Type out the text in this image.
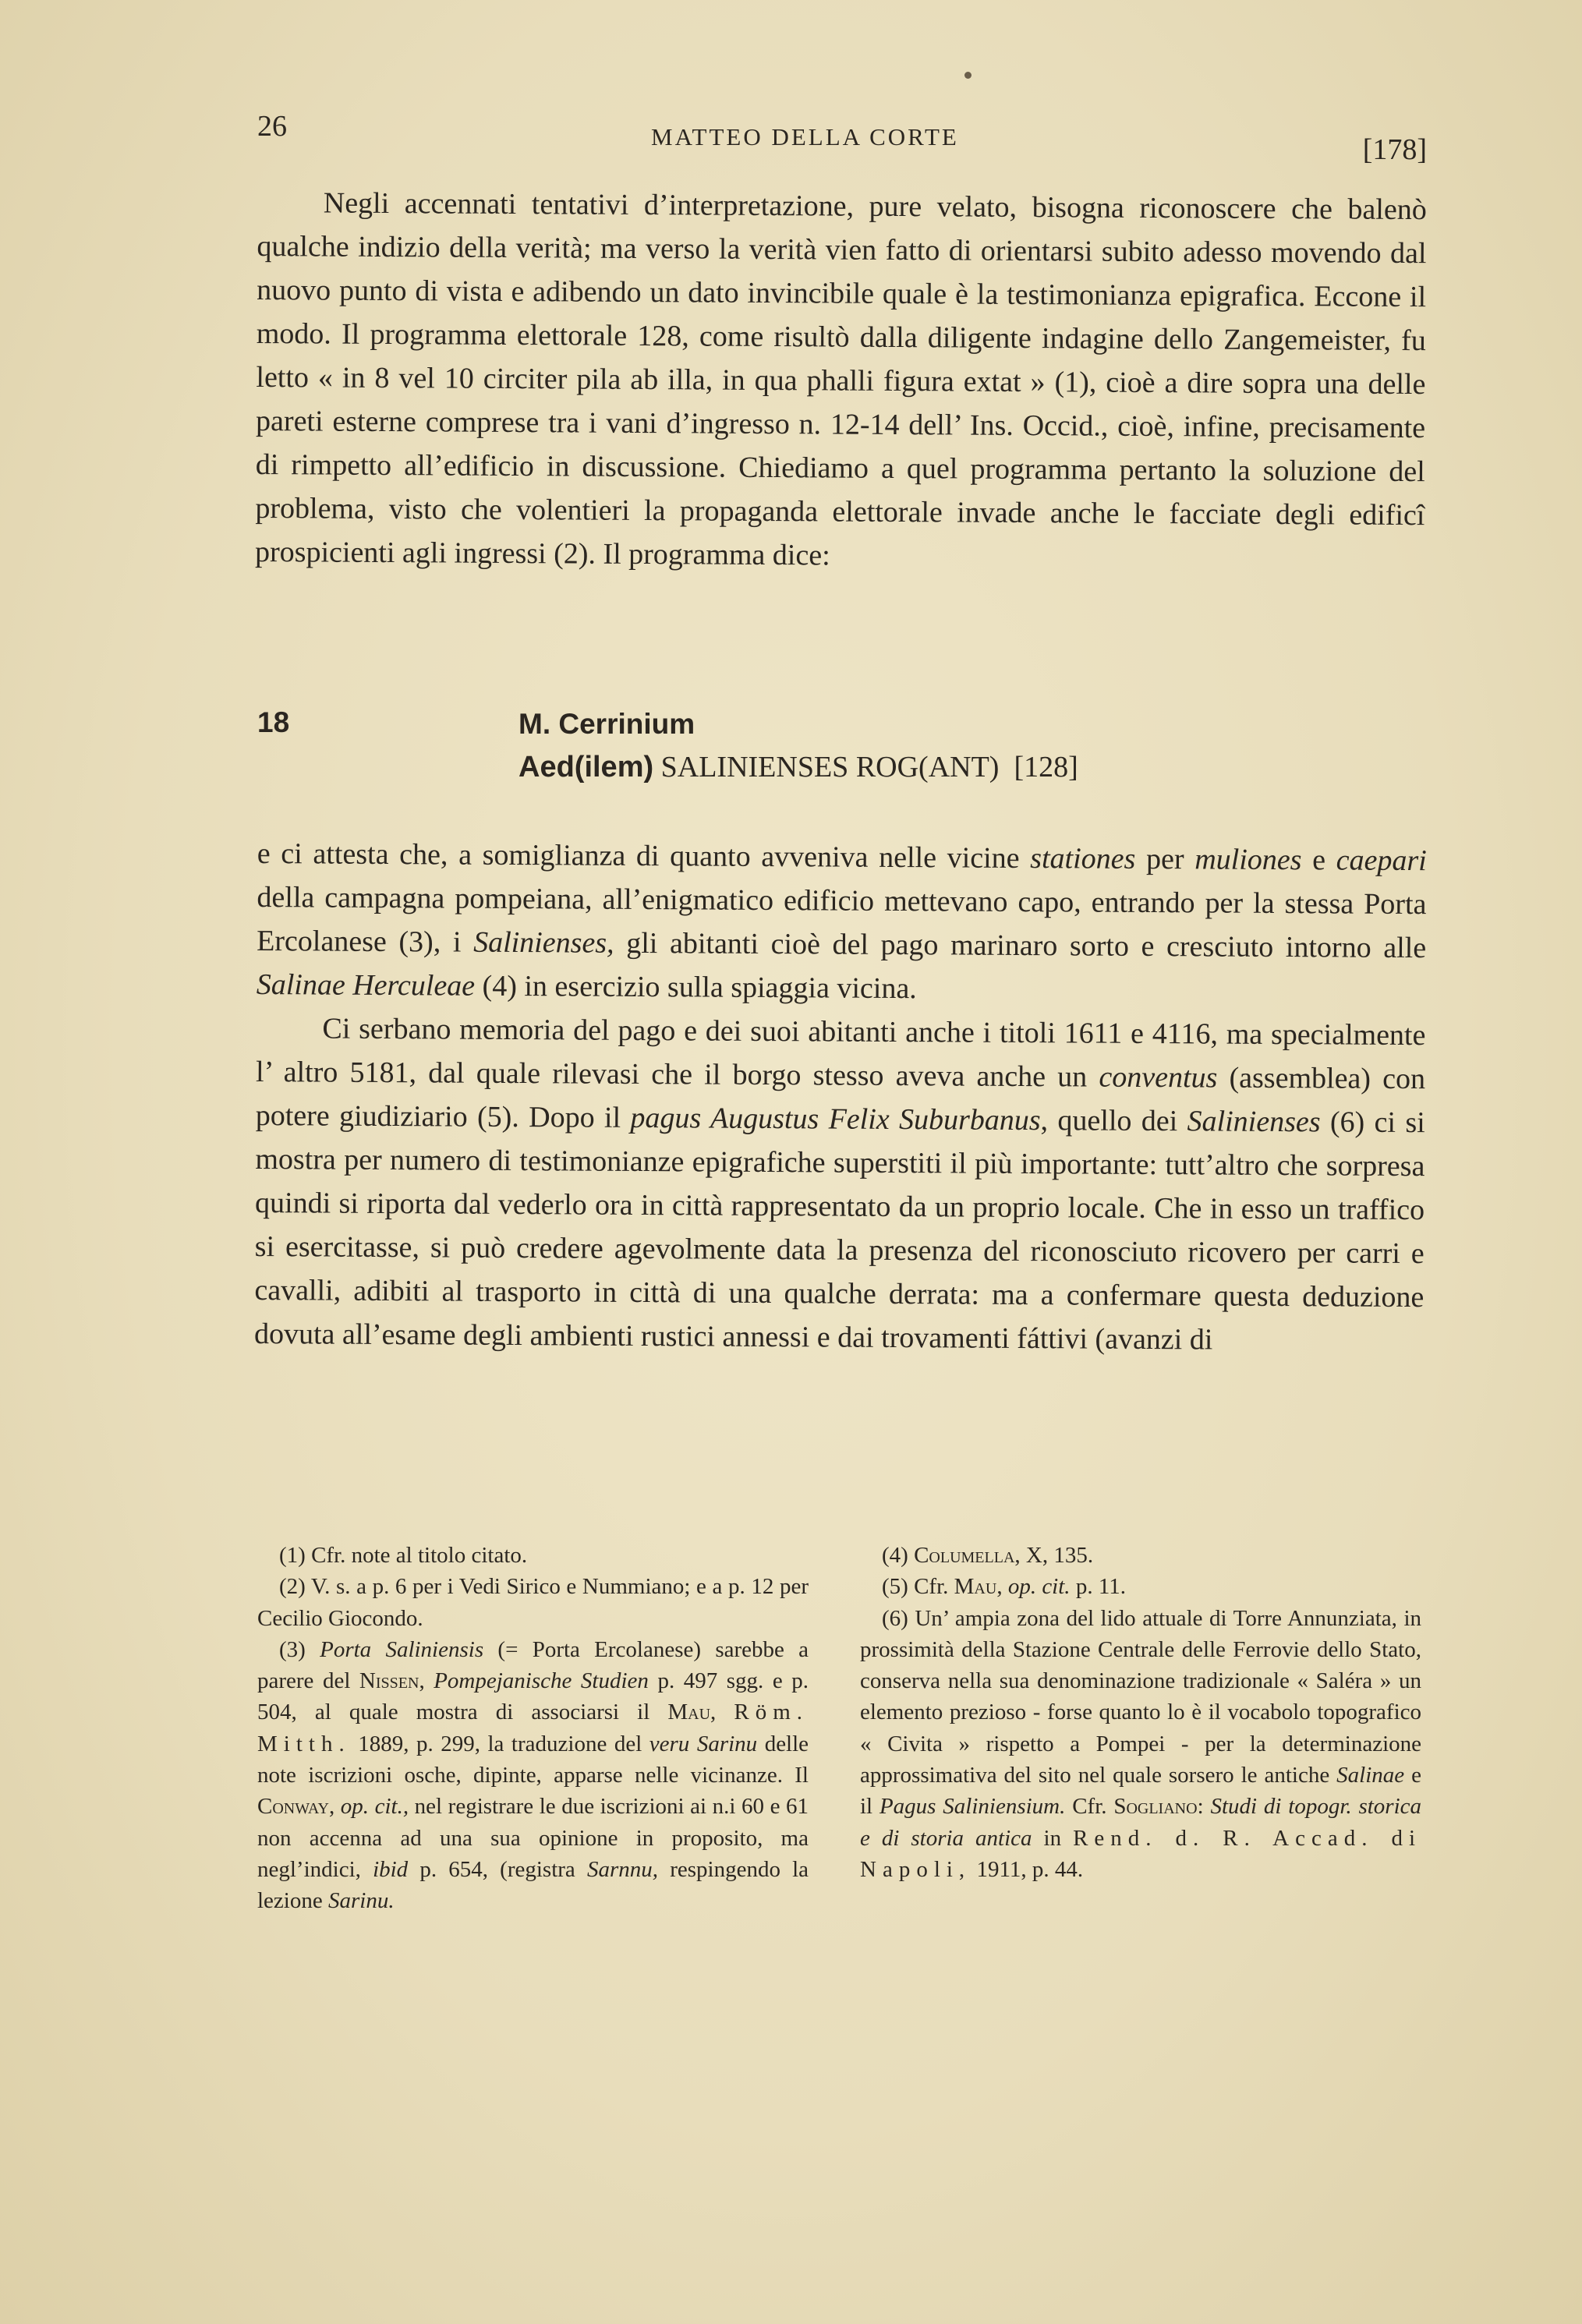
26	MATTEO DELLA CORTE	[178]

Negli accennati tentativi d’interpretazione, pure velato, bisogna riconoscere che balenò qualche indizio della verità; ma verso la verità vien fatto di orientarsi subito adesso movendo dal nuovo punto di vista e adibendo un dato invincibile quale è la testimonianza epigrafica. Eccone il modo. Il programma elettorale 128, come risultò dalla diligente indagine dello Zangemeister, fu letto « in 8 vel 10 circiter pila ab illa, in qua phalli figura extat » (1), cioè a dire sopra una delle pareti esterne comprese tra i vani d’ingresso n. 12-14 dell’ Ins. Occid., cioè, infine, precisamente di rimpetto all’edificio in discussione. Chiediamo a quel programma pertanto la soluzione del problema, visto che volentieri la propaganda elettorale invade anche le facciate degli edificî prospicienti agli ingressi (2). Il programma dice:

18	M. Cerrinium
Aed(ilem) SALINIENSES ROG(ANT) [128]

e ci attesta che, a somiglianza di quanto avveniva nelle vicine stationes per muliones e caepari della campagna pompeiana, all’enigmatico edificio mettevano capo, entrando per la stessa Porta Ercolanese (3), i Salinienses, gli abitanti cioè del pago marinaro sorto e cresciuto intorno alle Salinae Herculeae (4) in esercizio sulla spiaggia vicina.

Ci serbano memoria del pago e dei suoi abitanti anche i titoli 1611 e 4116, ma specialmente l’ altro 5181, dal quale rilevasi che il borgo stesso aveva anche un conventus (assemblea) con potere giudiziario (5). Dopo il pagus Augustus Felix Suburbanus, quello dei Salinienses (6) ci si mostra per numero di testimonianze epigrafiche superstiti il più importante: tutt’altro che sorpresa quindi si riporta dal vederlo ora in città rappresentato da un proprio locale. Che in esso un traffico si esercitasse, si può credere agevolmente data la presenza del riconosciuto ricovero per carri e cavalli, adibiti al trasporto in città di una qualche derrata: ma a confermare questa deduzione dovuta all’esame degli ambienti rustici annessi e dai trovamenti fáttivi (avanzi di

(1) Cfr. note al titolo citato.

(2) V. s. a p. 6 per i Vedi Sirico e Nummiano; e a p. 12 per Cecilio Giocondo.

(3) Porta Saliniensis (= Porta Ercolanese) sarebbe a parere del Nissen, Pompejanische Studien p. 497 sgg. e p. 504, al quale mostra di associarsi il Mau, Röm. Mitth. 1889, p. 299, la traduzione del veru Sarinu delle note iscrizioni osche, dipinte, apparse nelle vicinanze. Il Conway, op. cit., nel registrare le due iscrizioni ai n.i 60 e 61 non accenna ad una sua opinione in proposito, ma negl’indici, ibid p. 654, (registra Sarnnu, respingendo la lezione Sarinu.

(4) Columella, X, 135.

(5) Cfr. Mau, op. cit. p. 11.

(6) Un’ ampia zona del lido attuale di Torre Annunziata, in prossimità della Stazione Centrale delle Ferrovie dello Stato, conserva nella sua denominazione tradizionale « Saléra » un elemento prezioso - forse quanto lo è il vocabolo topografico « Civita » rispetto a Pompei - per la determinazione approssimativa del sito nel quale sorsero le antiche Salinae e il Pagus Saliniensium. Cfr. Sogliano: Studi di topogr. storica e di storia antica in Rend. d. R. Accad. di Napoli, 1911, p. 44.
